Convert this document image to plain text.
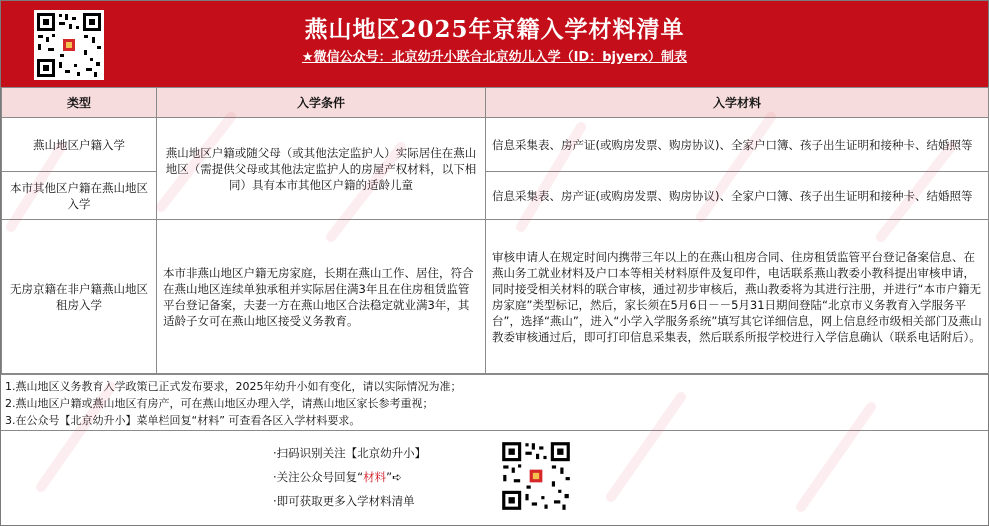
燕山地区2025年京籍入学材料清单
★微信公众号：北京幼升小联合北京幼儿入学（ID：bjyerx）制表
类型	入学条件	入学材料
燕山地区户籍入学	燕山地区户籍或随父母（或其他法定监护人）实际居住在燕山地区（需提供父母或其他法定监护人的房屋产权材料，以下相同）具有本市其他区户籍的适龄儿童	信息采集表、房产证(或购房发票、购房协议)、全家户口簿、孩子出生证明和接种卡、结婚照等
本市其他区户籍在燕山地区入学		信息采集表、房产证(或购房发票、购房协议)、全家户口簿、孩子出生证明和接种卡、结婚照等
无房京籍在非户籍燕山地区租房入学	本市非燕山地区户籍无房家庭，长期在燕山工作、居住，符合在燕山地区连续单独承租并实际居住满3年且在住房租赁监管平台登记备案，夫妻一方在燕山地区合法稳定就业满3年，其适龄子女可在燕山地区接受义务教育。	审核申请人在规定时间内携带三年以上的在燕山租房合同、住房租赁监管平台登记备案信息、在燕山务工就业材料及户口本等相关材料原件及复印件，电话联系燕山教委小教科提出审核申请，同时接受相关材料的联合审核，通过初步审核后，燕山教委将为其进行注册，并进行“本市户籍无房家庭”类型标记，然后，家长须在5月6日－－5月31日期间登陆“北京市义务教育入学服务平台”，选择“燕山”，进入“小学入学服务系统”填写其它详细信息，网上信息经市级相关部门及燕山教委审核通过后，即可打印信息采集表，然后联系所报学校进行入学信息确认（联系电话附后）。
1.燕山地区义务教育入学政策已正式发布要求，2025年幼升小如有变化，请以实际情况为准；
2.燕山地区户籍或燕山地区有房产，可在燕山地区办理入学，请燕山地区家长参考重视；
3.在公众号【北京幼升小】菜单栏回复“材料” 可查看各区入学材料要求。
·扫码识别关注【北京幼升小】
·关注公众号回复“材料”➪
·即可获取更多入学材料清单
